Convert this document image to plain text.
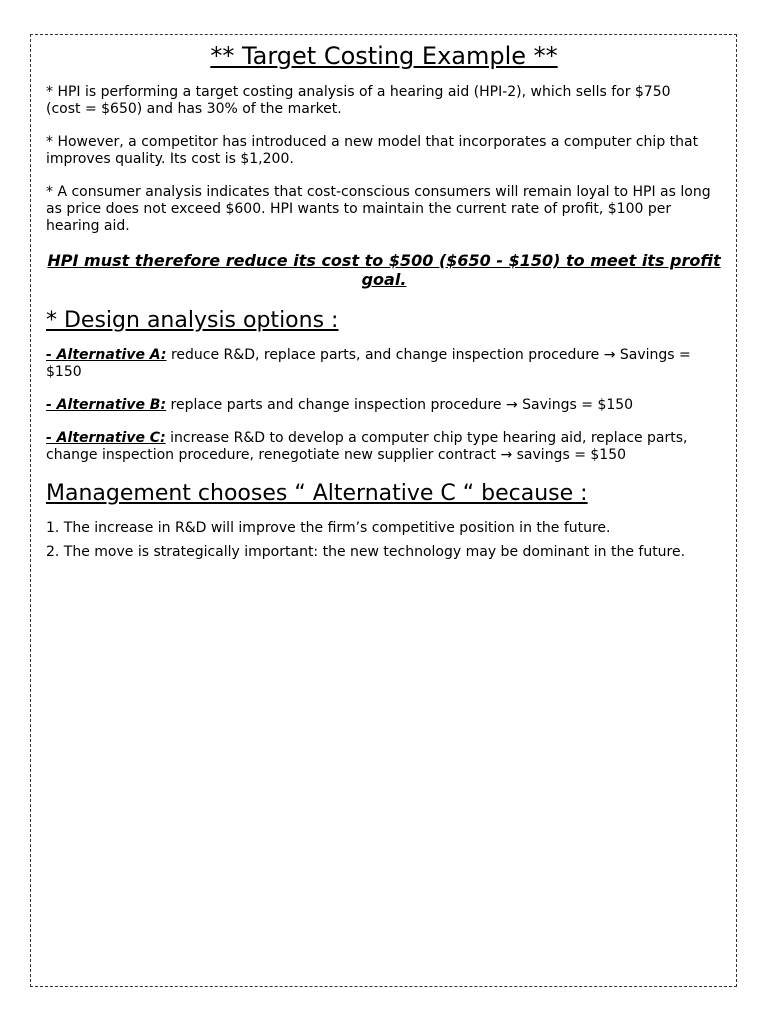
** Target Costing Example **

* HPI is performing a target costing analysis of a hearing aid (HPI-2), which sells for $750
(cost = $650) and has 30% of the market.

* However, a competitor has introduced a new model that incorporates a computer chip that improves quality. Its cost is $1,200.

* A consumer analysis indicates that cost-conscious consumers will remain loyal to HPI as long as price does not exceed $600. HPI wants to maintain the current rate of profit, $100 per hearing aid.

HPI must therefore reduce its cost to $500 ($650 - $150) to meet its profit goal.

* Design analysis options :

- Alternative A: reduce R&D, replace parts, and change inspection procedure → Savings = $150

- Alternative B: replace parts and change inspection procedure → Savings = $150

- Alternative C: increase R&D to develop a computer chip type hearing aid, replace parts, change inspection procedure, renegotiate new supplier contract → savings = $150

Management chooses “ Alternative C “ because :

1. The increase in R&D will improve the firm’s competitive position in the future.

2. The move is strategically important: the new technology may be dominant in the future.
